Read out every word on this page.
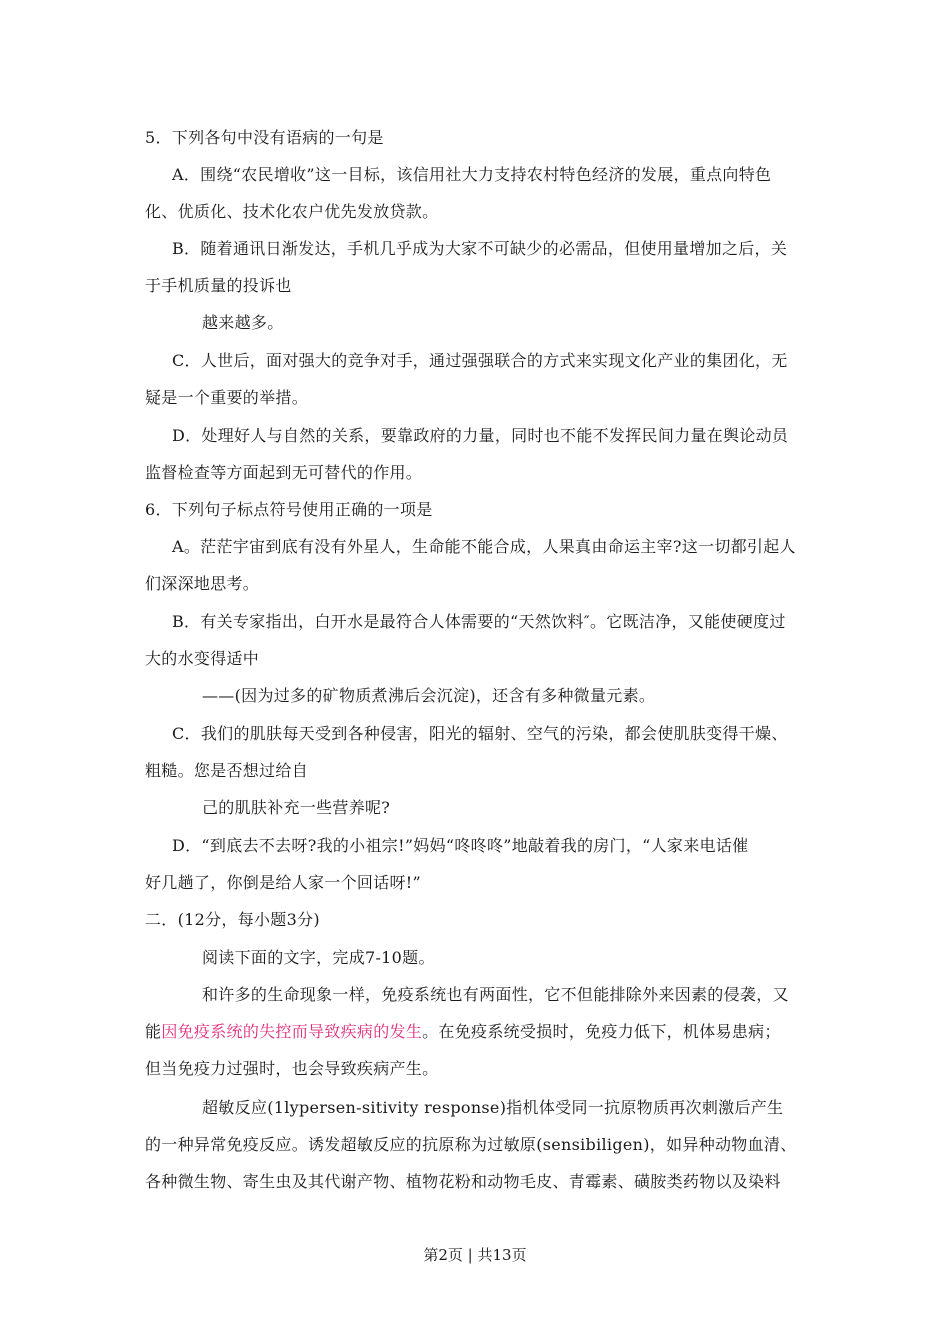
5．下列各句中没有语病的一句是
A．围绕“农民增收”这一目标，该信用社大力支持农村特色经济的发展，重点向特色
化、优质化、技术化农户优先发放贷款。
B．随着通讯日渐发达，手机几乎成为大家不可缺少的必需品，但使用量增加之后，关
于手机质量的投诉也
越来越多。
C．人世后，面对强大的竞争对手，通过强强联合的方式来实现文化产业的集团化，无
疑是一个重要的举措。
D．处理好人与自然的关系，要靠政府的力量，同时也不能不发挥民间力量在舆论动员
监督检查等方面起到无可替代的作用。
6．下列句子标点符号使用正确的一项是
A。茫茫宇宙到底有没有外星人，生命能不能合成，人果真由命运主宰?这一切都引起人
们深深地思考。
B．有关专家指出，白开水是最符合人体需要的“天然饮料″。它既洁净，又能使硬度过
大的水变得适中
——(因为过多的矿物质煮沸后会沉淀)，还含有多种微量元素。
C．我们的肌肤每天受到各种侵害，阳光的辐射、空气的污染，都会使肌肤变得干燥、
粗糙。您是否想过给自
己的肌肤补充一些营养呢?
D．“到底去不去呀?我的小祖宗!”妈妈“咚咚咚”地敲着我的房门，“人家来电话催
好几趟了，你倒是给人家一个回话呀!”
二．(12分，每小题3分)
阅读下面的文字，完成7-10题。
和许多的生命现象一样，免疫系统也有两面性，它不但能排除外来因素的侵袭，又
能因免疫系统的失控而导致疾病的发生。在免疫系统受损时，免疫力低下，机体易患病；
但当免疫力过强时，也会导致疾病产生。
超敏反应(1lypersen-sitivity response)指机体受同一抗原物质再次刺激后产生
的一种异常免疫反应。诱发超敏反应的抗原称为过敏原(sensibiligen)，如异种动物血清、
各种微生物、寄生虫及其代谢产物、植物花粉和动物毛皮、青霉素、磺胺类药物以及染料
第2页 | 共13页
